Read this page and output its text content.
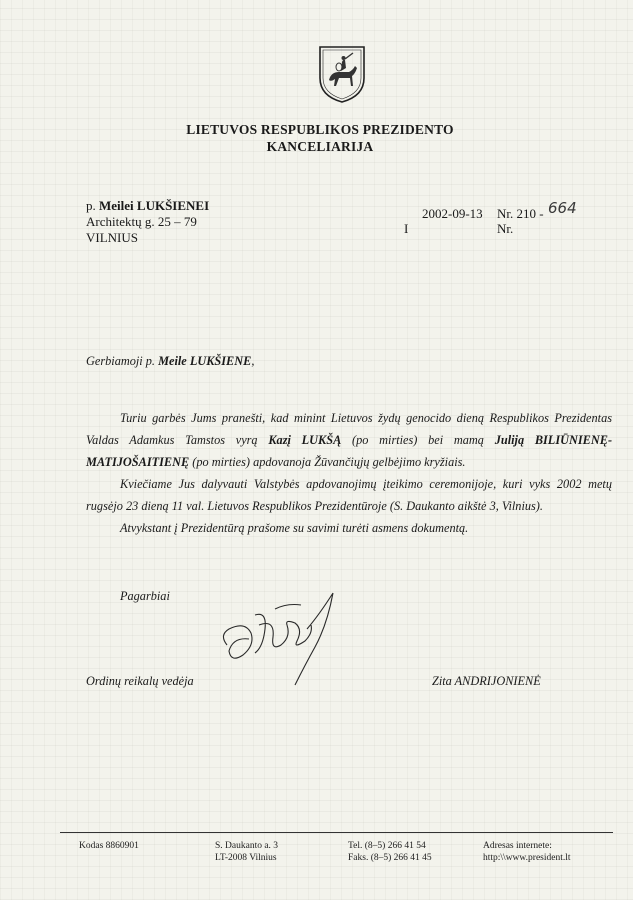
LIETUVOS RESPUBLIKOS PREZIDENTO
KANCELIARIJA
p. Meilei LUKŠIENEI
Architektų g. 25 – 79
VILNIUS
2002-09-13 Nr. 210 - 664
I	Nr.
Gerbiamoji p. Meile LUKŠIENE,
Turiu garbės Jums pranešti, kad minint Lietuvos žydų genocido dieną Respublikos Prezidentas Valdas Adamkus Tamstos vyrą Kazį LUKŠĄ (po mirties) bei mamą Juliją BILIŪNIENĘ-MATIJOŠAITIENĘ (po mirties) apdovanoja Žūvančiųjų gelbėjimo kryžiais.
Kviečiame Jus dalyvauti Valstybės apdovanojimų įteikimo ceremonijoje, kuri vyks 2002 metų rugsėjo 23 dieną 11 val. Lietuvos Respublikos Prezidentūroje (S. Daukanto aikštė 3, Vilnius).
Atvykstant į Prezidentūrą prašome su savimi turėti asmens dokumentą.
Pagarbiai
Ordinų reikalų vedėja	Zita ANDRIJONIENĖ
Kodas 8860901	S. Daukanto a. 3
LT-2008 Vilnius
Tel. (8–5) 266 41 54
Faks. (8–5) 266 41 45
Adresas internete:
http:\\www.president.lt
